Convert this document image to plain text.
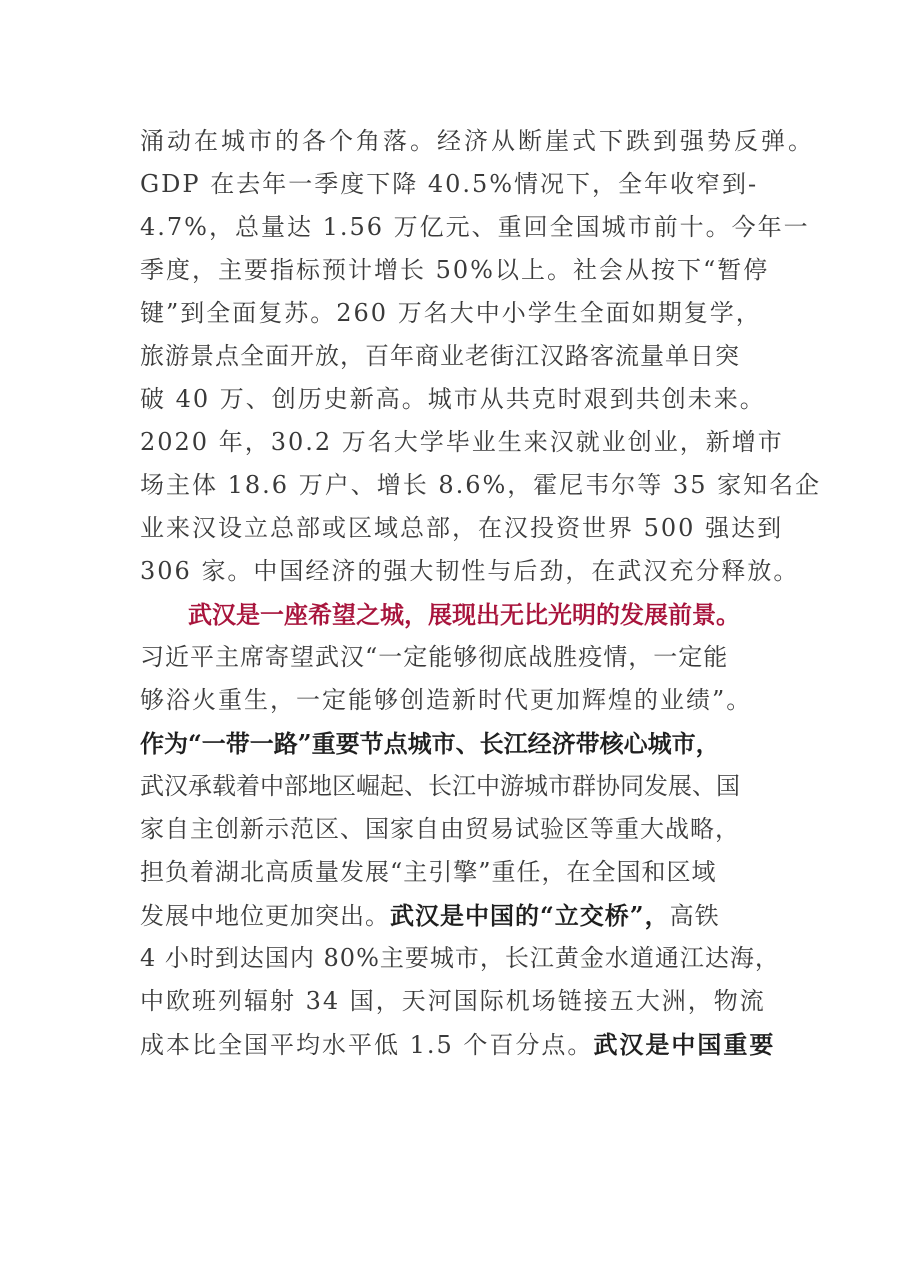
涌动在城市的各个角落。经济从断崖式下跌到强势反弹。
GDP 在去年一季度下降 40.5%情况下，全年收窄到-
4.7%，总量达 1.56 万亿元、重回全国城市前十。今年一
季度，主要指标预计增长 50%以上。社会从按下“暂停
键”到全面复苏。260 万名大中小学生全面如期复学，
旅游景点全面开放，百年商业老街江汉路客流量单日突
破 40 万、创历史新高。城市从共克时艰到共创未来。
2020 年，30.2 万名大学毕业生来汉就业创业，新增市
场主体 18.6 万户、增长 8.6%，霍尼韦尔等 35 家知名企
业来汉设立总部或区域总部，在汉投资世界 500 强达到
306 家。中国经济的强大韧性与后劲，在武汉充分释放。
　　武汉是一座希望之城，展现出无比光明的发展前景。
习近平主席寄望武汉“一定能够彻底战胜疫情，一定能
够浴火重生，一定能够创造新时代更加辉煌的业绩”。
作为“一带一路”重要节点城市、长江经济带核心城市，
武汉承载着中部地区崛起、长江中游城市群协同发展、国
家自主创新示范区、国家自由贸易试验区等重大战略，
担负着湖北高质量发展“主引擎”重任，在全国和区域
发展中地位更加突出。武汉是中国的“立交桥”，高铁
4 小时到达国内 80%主要城市，长江黄金水道通江达海，
中欧班列辐射 34 国，天河国际机场链接五大洲，物流
成本比全国平均水平低 1.5 个百分点。武汉是中国重要
